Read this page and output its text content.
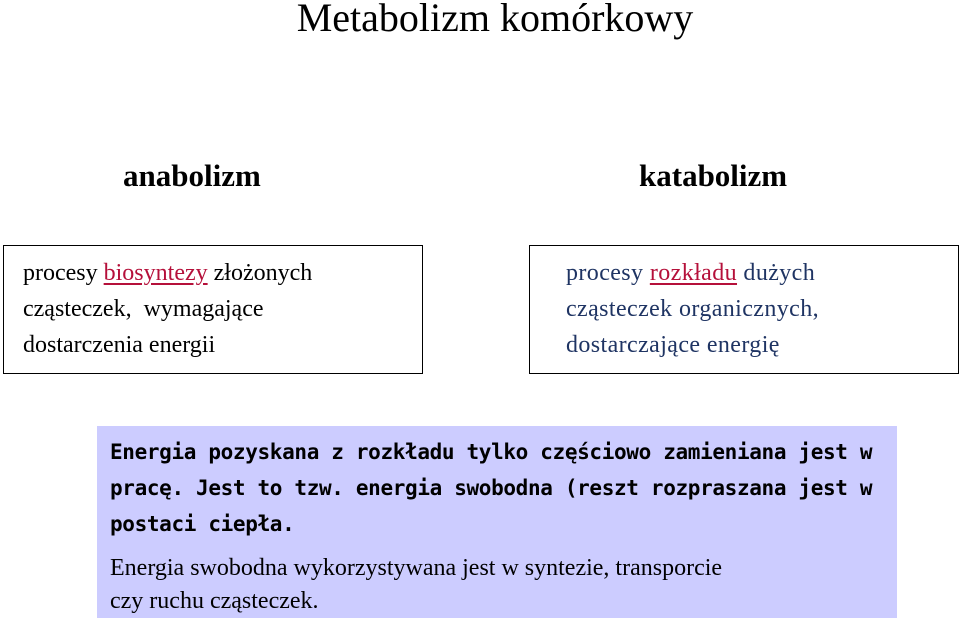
Metabolizm komórkowy
anabolizm	katabolizm

procesy biosyntezy złożonych

cząsteczek,  wymagające

dostarczenia energii

procesy rozkładu dużych

cząsteczek organicznych,

dostarczające energię

Energia pozyskana z rozkładu tylko częściowo zamieniana jest w

pracę. Jest to tzw. energia swobodna (reszt rozpraszana jest w

postaci ciepła.

Energia swobodna wykorzystywana jest w syntezie, transporcie

czy ruchu cząsteczek.
